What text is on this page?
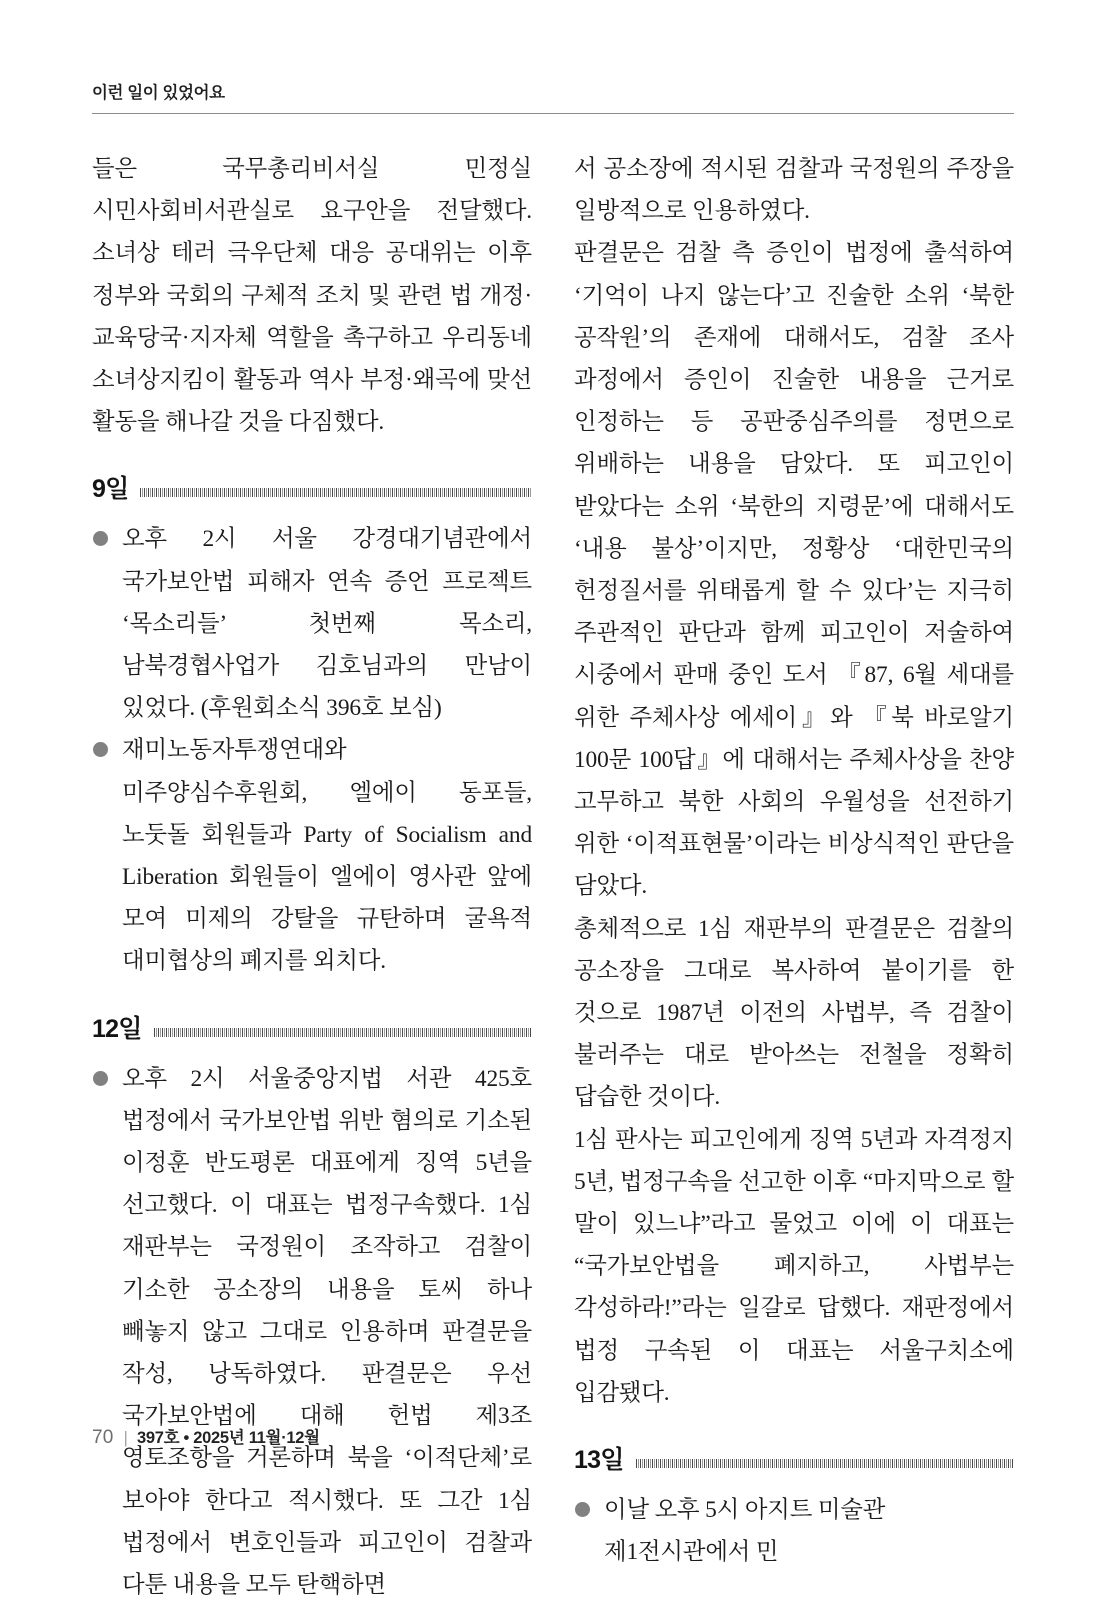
이런 일이 있었어요

들은 국무총리비서실 민정실 시민사회비서관실로 요구안을 전달했다. 소녀상 테러 극우단체 대응 공대위는 이후 정부와 국회의 구체적 조치 및 관련 법 개정·교육당국·지자체 역할을 촉구하고 우리동네 소녀상지킴이 활동과 역사 부정·왜곡에 맞선 활동을 해나갈 것을 다짐했다.

9일
오후 2시 서울 강경대기념관에서 국가보안법 피해자 연속 증언 프로젝트 ‘목소리들’ 첫번째 목소리, 남북경협사업가 김호님과의 만남이 있었다. (후원회소식 396호 보심)
재미노동자투쟁연대와 미주양심수후원회, 엘에이 동포들, 노둣돌 회원들과 Party of Socialism and Liberation 회원들이 엘에이 영사관 앞에 모여 미제의 강탈을 규탄하며 굴욕적 대미협상의 폐지를 외치다.
12일
오후 2시 서울중앙지법 서관 425호 법정에서 국가보안법 위반 혐의로 기소된 이정훈 반도평론 대표에게 징역 5년을 선고했다. 이 대표는 법정구속했다. 1심 재판부는 국정원이 조작하고 검찰이 기소한 공소장의 내용을 토씨 하나 빼놓지 않고 그대로 인용하며 판결문을 작성, 낭독하였다. 판결문은 우선 국가보안법에 대해 헌법 제3조 영토조항을 거론하며 북을 ‘이적단체’로 보아야 한다고 적시했다. 또 그간 1심 법정에서 변호인들과 피고인이 검찰과 다툰 내용을 모두 탄핵하면

서 공소장에 적시된 검찰과 국정원의 주장을 일방적으로 인용하였다.

판결문은 검찰 측 증인이 법정에 출석하여 ‘기억이 나지 않는다’고 진술한 소위 ‘북한 공작원’의 존재에 대해서도, 검찰 조사 과정에서 증인이 진술한 내용을 근거로 인정하는 등 공판중심주의를 정면으로 위배하는 내용을 담았다. 또 피고인이 받았다는 소위 ‘북한의 지령문’에 대해서도 ‘내용 불상’이지만, 정황상 ‘대한민국의 헌정질서를 위태롭게 할 수 있다’는 지극히 주관적인 판단과 함께 피고인이 저술하여 시중에서 판매 중인 도서 『87, 6월 세대를 위한 주체사상 에세이』와 『북 바로알기 100문 100답』에 대해서는 주체사상을 찬양 고무하고 북한 사회의 우월성을 선전하기 위한 ‘이적표현물’이라는 비상식적인 판단을 담았다.

총체적으로 1심 재판부의 판결문은 검찰의 공소장을 그대로 복사하여 붙이기를 한 것으로 1987년 이전의 사법부, 즉 검찰이 불러주는 대로 받아쓰는 전철을 정확히 답습한 것이다.

1심 판사는 피고인에게 징역 5년과 자격정지 5년, 법정구속을 선고한 이후 “마지막으로 할 말이 있느냐”라고 물었고 이에 이 대표는 “국가보안법을 폐지하고, 사법부는 각성하라!”라는 일갈로 답했다. 재판정에서 법정 구속된 이 대표는 서울구치소에 입감됐다.

13일
이날 오후 5시 아지트 미술관 제1전시관에서 민
70 | 397호 • 2025년 11월·12월
